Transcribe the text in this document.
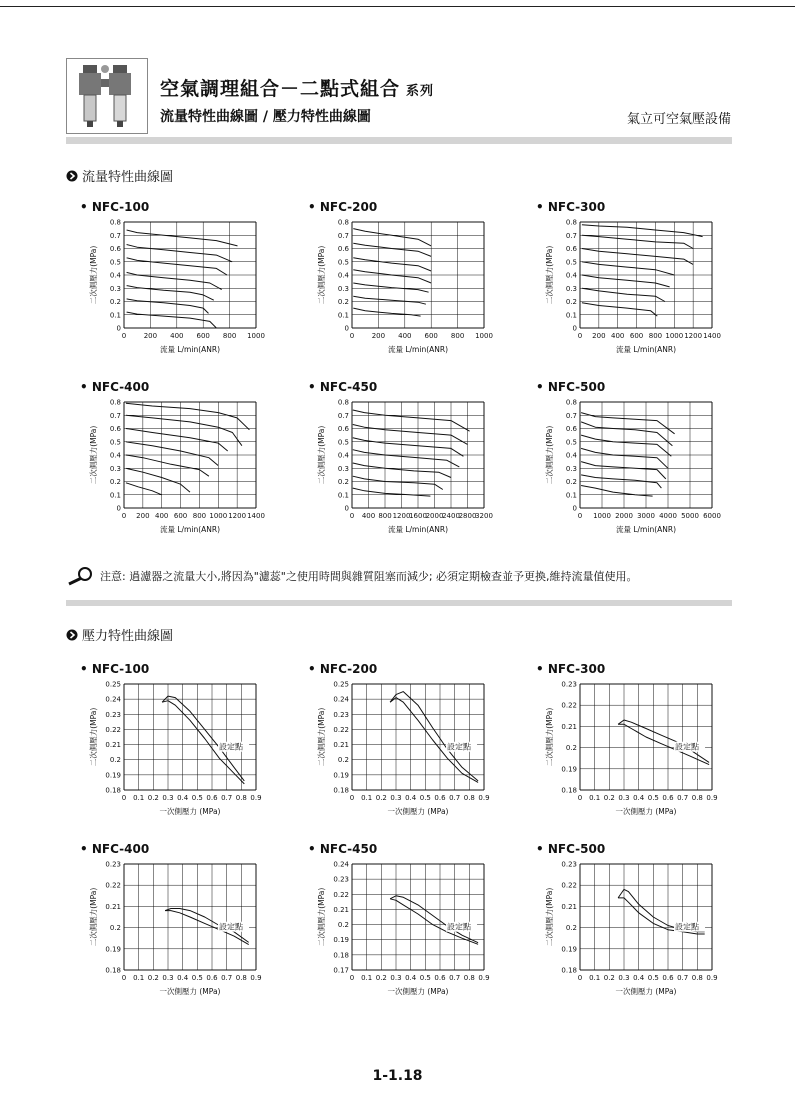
空氣調理組合－二點式組合 系列
流量特性曲線圖 / 壓力特性曲線圖	氣立可空氣壓設備
流量特性曲線圖
• NFC-100
0 200 400 600 800 1000
0
0.1
0.2
0.3
0.4
0.5
0.6
0.7
0.8
流量 L/min(ANR)
二次側壓力(MPa)
• NFC-200
0 200 400 600 800 1000
0
0.1
0.2
0.3
0.4
0.5
0.6
0.7
0.8
流量 L/min(ANR)
二次側壓力(MPa)
• NFC-300
0 200 400 600 800 1000 1200 1400
0
0.1
0.2
0.3
0.4
0.5
0.6
0.7
0.8
流量 L/min(ANR)
二次側壓力(MPa)
• NFC-400
0 200 400 600 800 1000 1200 1400
0
0.1
0.2
0.3
0.4
0.5
0.6
0.7
0.8
流量 L/min(ANR)
二次側壓力(MPa)
• NFC-450
0 400 800 1200
1600
2000
2400
2800
3200
0
0.1
0.2
0.3
0.4
0.5
0.6
0.7
0.8
流量 L/min(ANR)
二次側壓力(MPa)
• NFC-500
0 1000 2000 3000 4000 5000 6000
0
0.1
0.2
0.3
0.4
0.5
0.6
0.7
0.8
流量 L/min(ANR)
二次側壓力(MPa)
注意: 過濾器之流量大小,將因為"濾蕊"之使用時間與雜質阻塞而減少; 必須定期檢查並予更換,維持流量值使用。
壓力特性曲線圖
• NFC-100
0 0.1 0.2 0.3 0.4 0.5 0.6 0.7 0.8 0.9
0.18
0.19
0.2
0.21
0.22
0.23
0.24
0.25
一次側壓力 (MPa)
二次側壓力(MPa)	設定點
• NFC-200
0 0.1 0.2 0.3 0.4 0.5 0.6 0.7 0.8 0.9
0.18
0.19
0.2
0.21
0.22
0.23
0.24
0.25
一次側壓力 (MPa)
二次側壓力(MPa)	設定點
• NFC-300
0 0.1 0.2 0.3 0.4 0.5 0.6 0.7 0.8 0.9
0.18
0.19
0.2
0.21
0.22
0.23
一次側壓力 (MPa)
二次側壓力(MPa)	設定點
• NFC-400
0 0.1 0.2 0.3 0.4 0.5 0.6 0.7 0.8 0.9
0.18
0.19
0.2
0.21
0.22
0.23
一次側壓力 (MPa)
二次側壓力(MPa)	設定點
• NFC-450
0 0.1 0.2 0.3 0.4 0.5 0.6 0.7 0.8 0.9
0.17
0.18
0.19
0.2
0.21
0.22
0.23
0.24
一次側壓力 (MPa)
二次側壓力(MPa)	設定點
• NFC-500
0 0.1 0.2 0.3 0.4 0.5 0.6 0.7 0.8 0.9
0.18
0.19
0.2
0.21
0.22
0.23
一次側壓力 (MPa)
二次側壓力(MPa)	設定點
1-1.18
